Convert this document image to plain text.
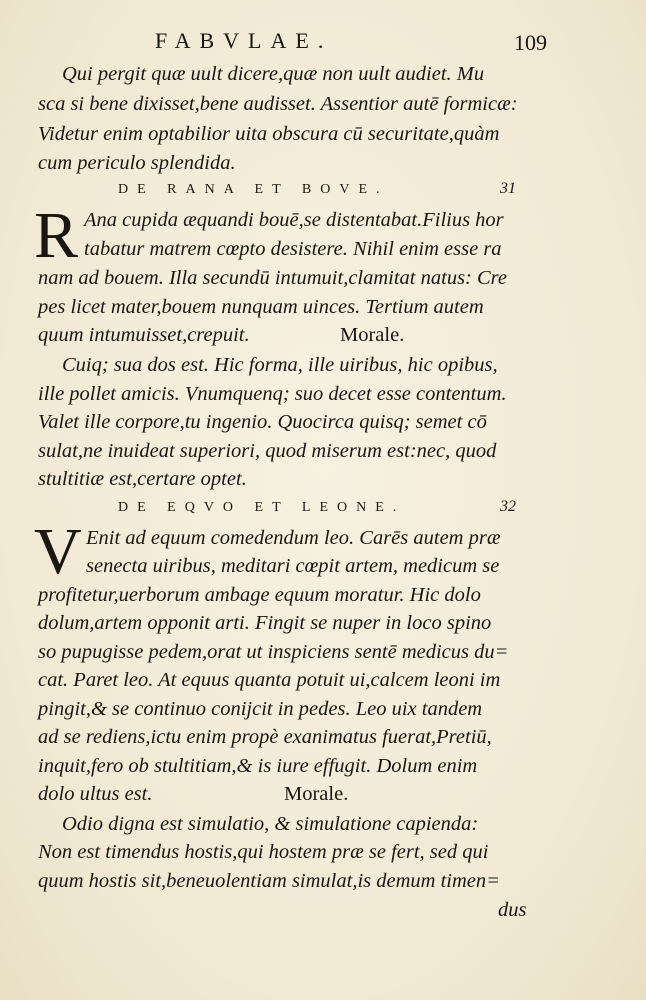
FABVLAE.	109
Qui pergit quæ uult dicere,quæ non uult audiet. Mu
sca si bene dixisset,bene audisset. Assentior autē formicæ:
Videtur enim optabilior uita obscura cū securitate,quàm
cum periculo splendida.
DE RANA ET BOVE.	31
R Ana cupida æquandi bouē,se distentabat.Filius hor
tabatur matrem cœpto desistere. Nihil enim esse ra
nam ad bouem. Illa secundū intumuit,clamitat natus: Cre
pes licet mater,bouem nunquam uinces. Tertium autem
quum intumuisset,crepuit.	Morale.
Cuiq; sua dos est. Hic forma, ille uiribus, hic opibus,
ille pollet amicis. Vnumquenq; suo decet esse contentum.
Valet ille corpore,tu ingenio. Quocirca quisq; semet cō
sulat,ne inuideat superiori, quod miserum est:nec, quod
stultitiæ est,certare optet.
DE EQVO ET LEONE.	32
V Enit ad equum comedendum leo. Carēs autem præ
senecta uiribus, meditari cœpit artem, medicum se
profitetur,uerborum ambage equum moratur. Hic dolo
dolum,artem opponit arti. Fingit se nuper in loco spino
so pupugisse pedem,orat ut inspiciens sentē medicus du=
cat. Paret leo. At equus quanta potuit ui,calcem leoni im
pingit,& se continuo conijcit in pedes. Leo uix tandem
ad se rediens,ictu enim propè exanimatus fuerat,Pretiū,
inquit,fero ob stultitiam,& is iure effugit. Dolum enim
dolo ultus est.	Morale.
Odio digna est simulatio, & simulatione capienda:
Non est timendus hostis,qui hostem præ se fert, sed qui
quum hostis sit,beneuolentiam simulat,is demum timen=
dus
